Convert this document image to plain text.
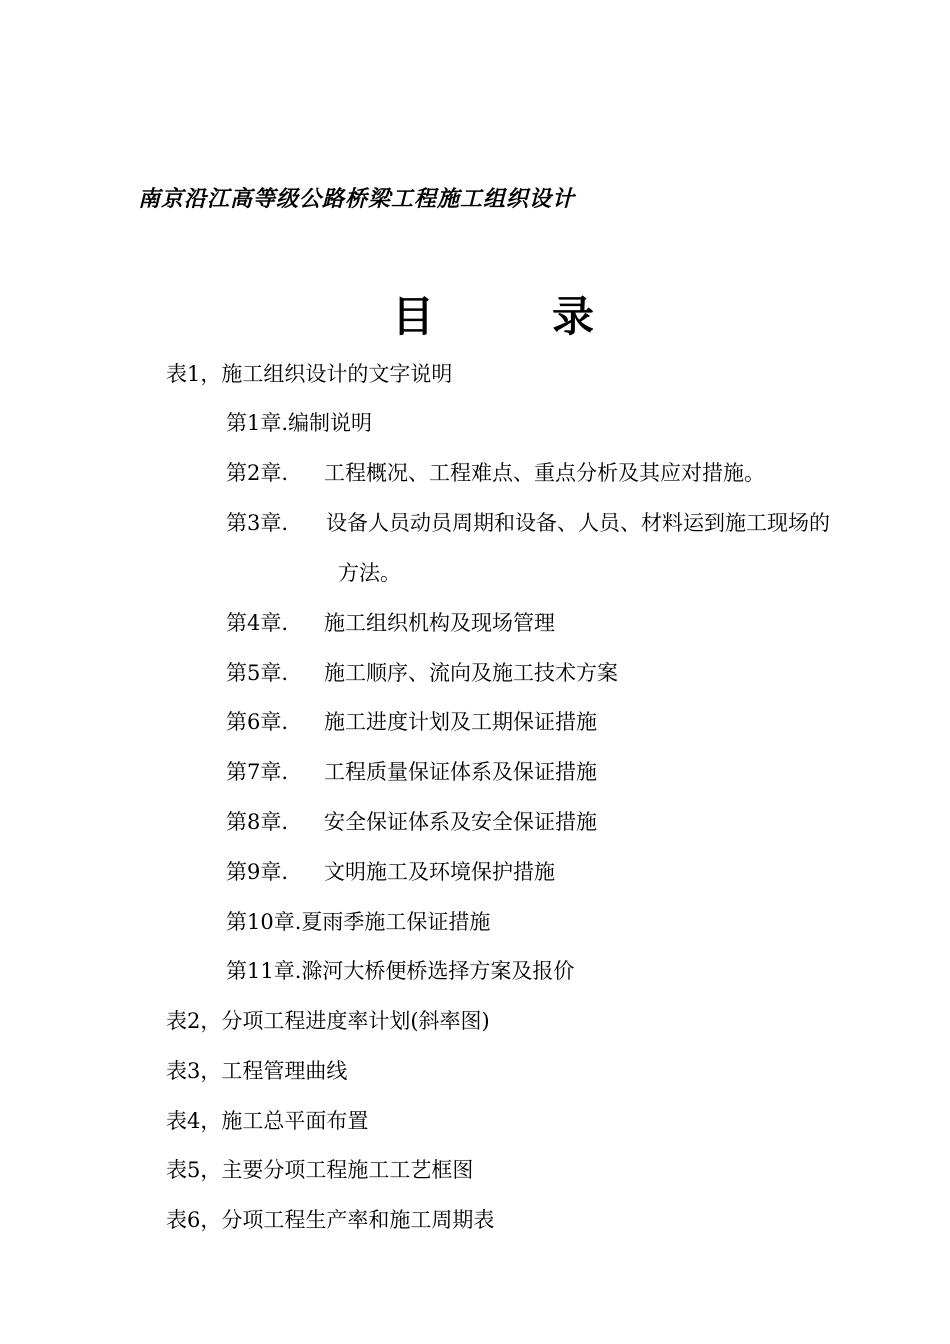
南京沿江高等级公路桥梁工程施工组织设计
目	录
表1，施工组织设计的文字说明
第1章.编制说明
第2章. 工程概况、工程难点、重点分析及其应对措施。
第3章. 设备人员动员周期和设备、人员、材料运到施工现场的
方法。
第4章. 施工组织机构及现场管理
第5章. 施工顺序、流向及施工技术方案
第6章. 施工进度计划及工期保证措施
第7章. 工程质量保证体系及保证措施
第8章. 安全保证体系及安全保证措施
第9章. 文明施工及环境保护措施
第10章.夏雨季施工保证措施
第11章.滁河大桥便桥选择方案及报价
表2，分项工程进度率计划(斜率图)
表3，工程管理曲线
表4，施工总平面布置
表5，主要分项工程施工工艺框图
表6，分项工程生产率和施工周期表
